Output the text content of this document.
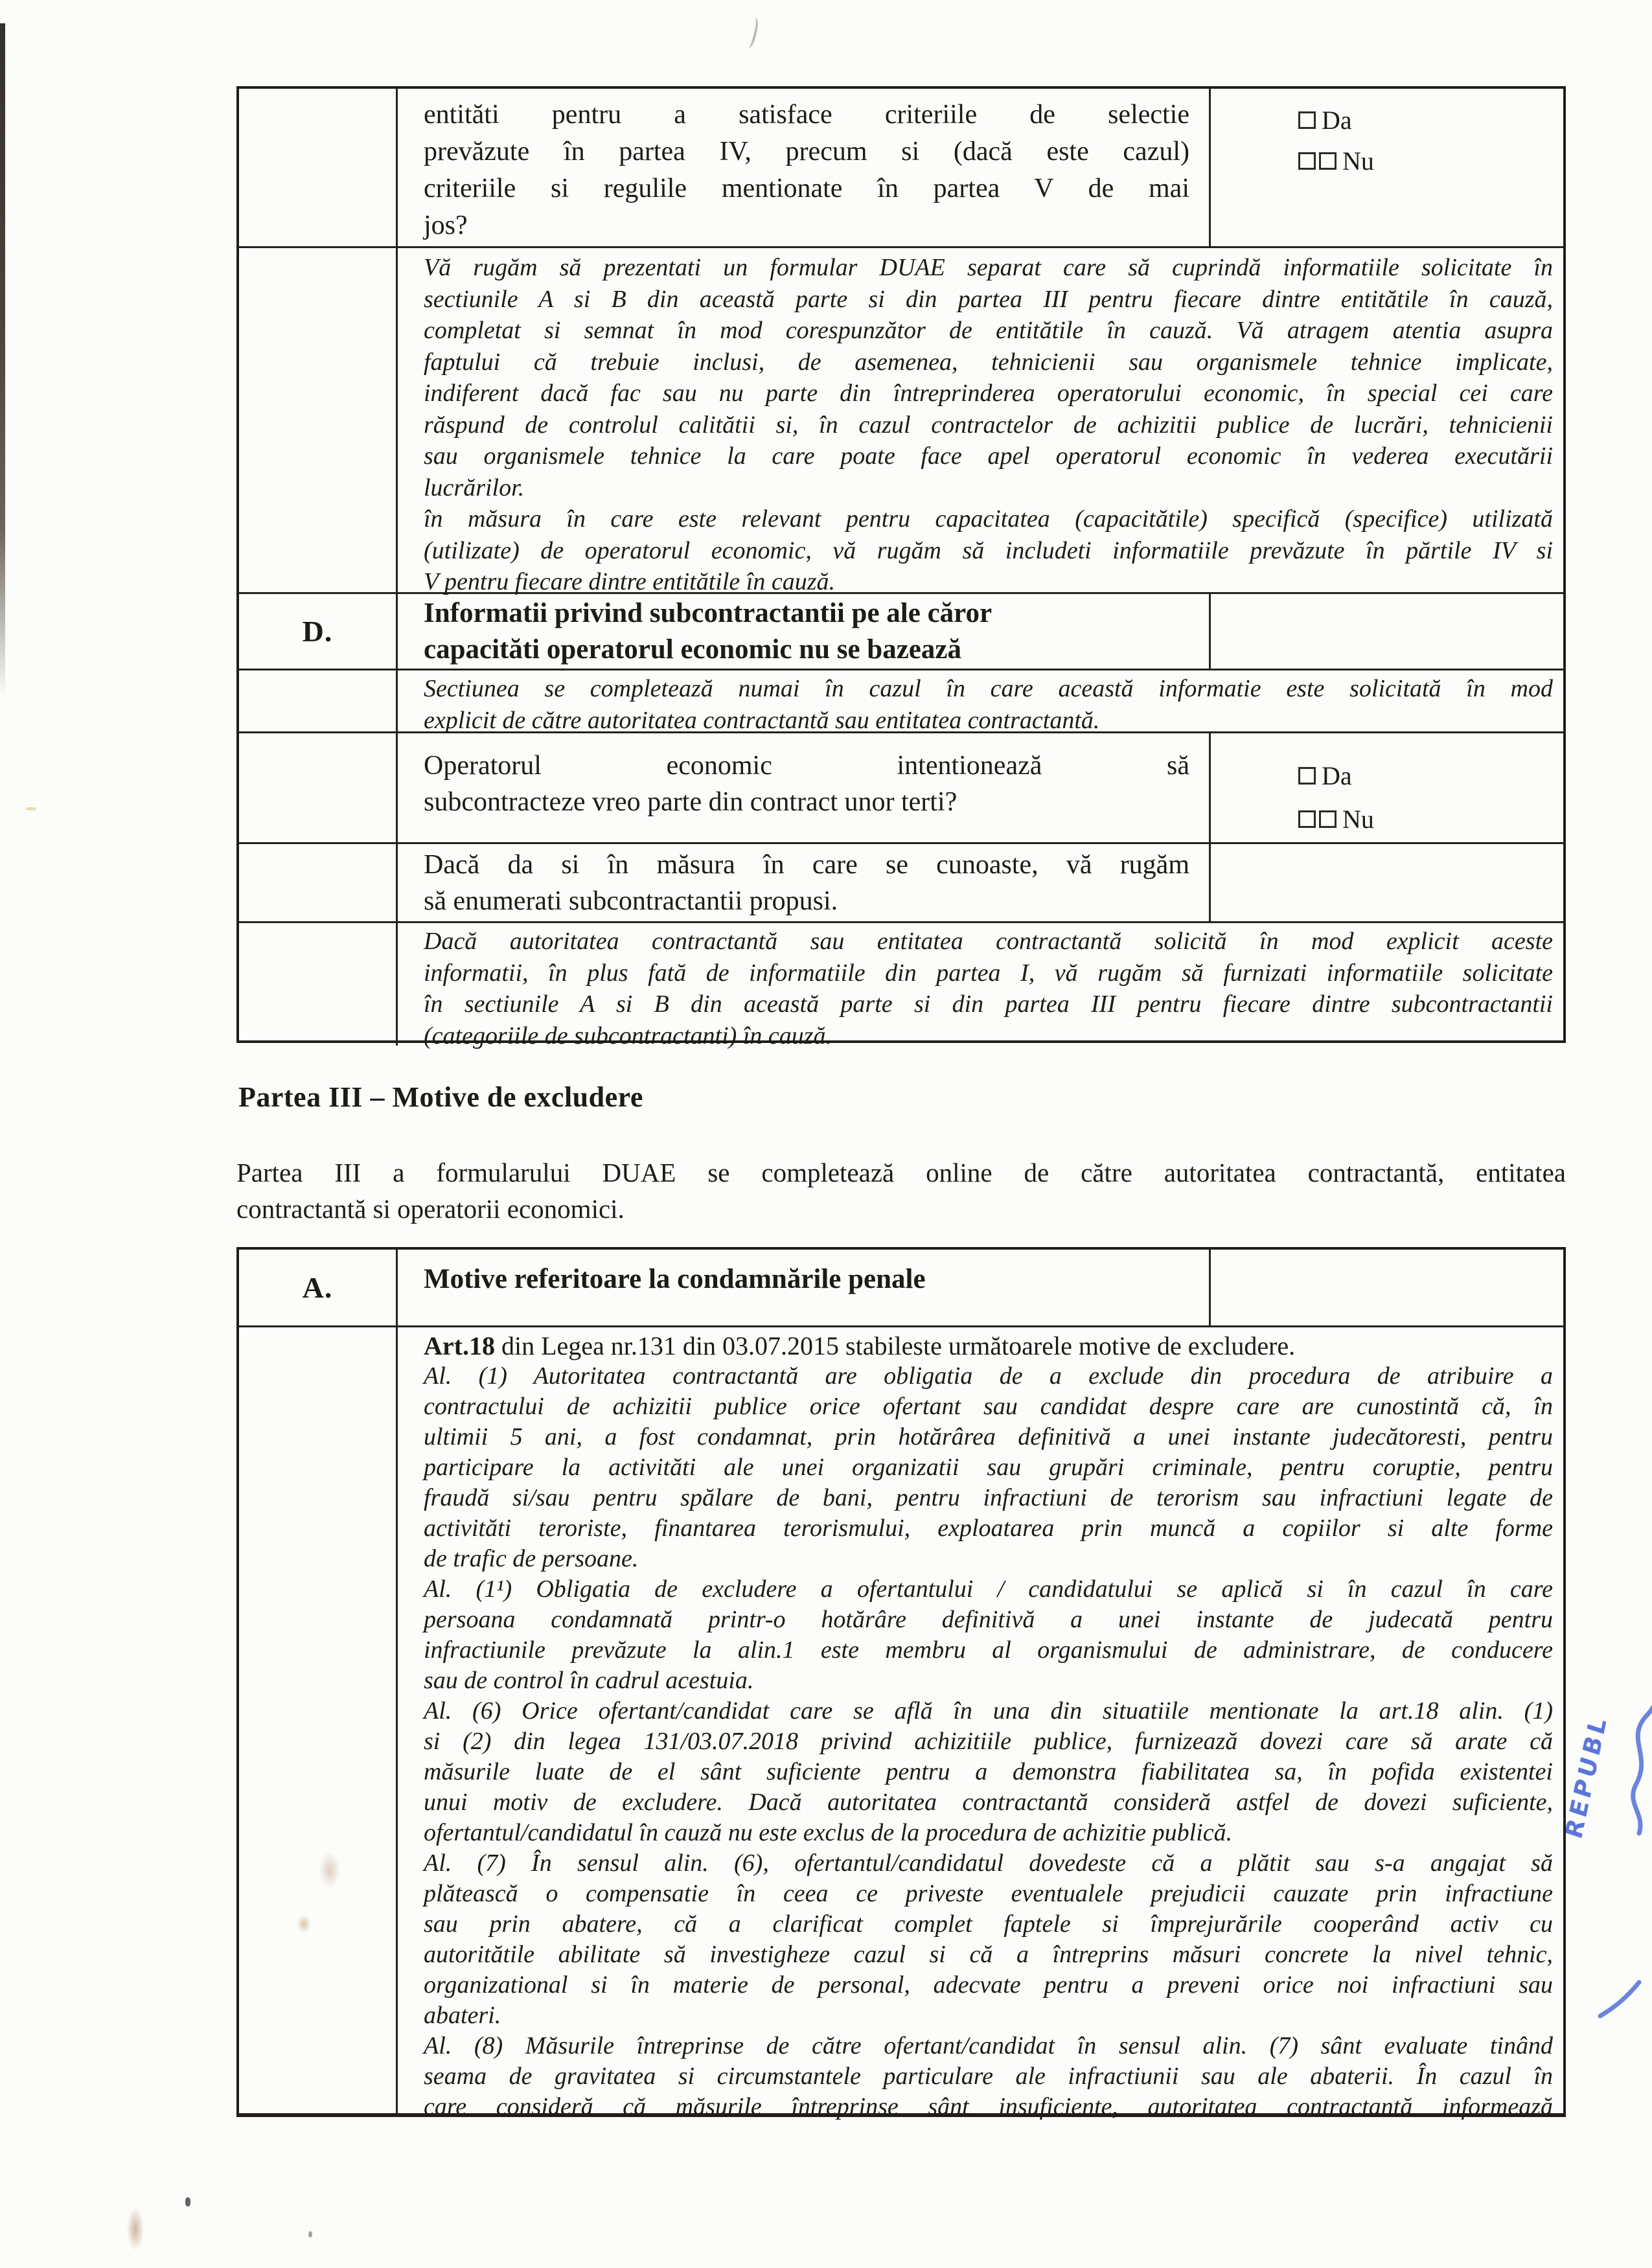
REPUBL
entităti pentru a satisface criteriile de selectie
prevăzute în partea IV, precum si (dacă este cazul)
criteriile si regulile mentionate în partea V de mai
jos?
Da
Nu
Vă rugăm să prezentati un formular DUAE separat care să cuprindă informatiile solicitate în
sectiunile A si B din această parte si din partea III pentru fiecare dintre entitătile în cauză,
completat si semnat în mod corespunzător de entitătile în cauză. Vă atragem atentia asupra
faptului că trebuie inclusi, de asemenea, tehnicienii sau organismele tehnice implicate,
indiferent dacă fac sau nu parte din întreprinderea operatorului economic, în special cei care
răspund de controlul calitătii si, în cazul contractelor de achizitii publice de lucrări, tehnicienii
sau organismele tehnice la care poate face apel operatorul economic în vederea executării
lucrărilor.
în măsura în care este relevant pentru capacitatea (capacitătile) specifică (specifice) utilizată
(utilizate) de operatorul economic, vă rugăm să includeti informatiile prevăzute în părtile IV si
V pentru fiecare dintre entitătile în cauză.
D.
Informatii privind subcontractantii pe ale căror
capacităti operatorul economic nu se bazează
Sectiunea se completează numai în cazul în care această informatie este solicitată în mod
explicit de către autoritatea contractantă sau entitatea contractantă.
Operatorul economic intentionează să
subcontracteze vreo parte din contract unor terti?
Da
Nu
Dacă da si în măsura în care se cunoaste, vă rugăm
să enumerati subcontractantii propusi.
Dacă autoritatea contractantă sau entitatea contractantă solicită în mod explicit aceste
informatii, în plus fată de informatiile din partea I, vă rugăm să furnizati informatiile solicitate
în sectiunile A si B din această parte si din partea III pentru fiecare dintre subcontractantii
(categoriile de subcontractanti) în cauză.
Partea III – Motive de excludere
Partea III a formularului DUAE se completează online de către autoritatea contractantă, entitatea
contractantă si operatorii economici.
A.	Motive referitoare la condamnările penale
Art.18 din Legea nr.131 din 03.07.2015 stabileste următoarele motive de excludere.
Al. (1) Autoritatea contractantă are obligatia de a exclude din procedura de atribuire a
contractului de achizitii publice orice ofertant sau candidat despre care are cunostintă că, în
ultimii 5 ani, a fost condamnat, prin hotărârea definitivă a unei instante judecătoresti, pentru
participare la activităti ale unei organizatii sau grupări criminale, pentru coruptie, pentru
fraudă si/sau pentru spălare de bani, pentru infractiuni de terorism sau infractiuni legate de
activităti teroriste, finantarea terorismului, exploatarea prin muncă a copiilor si alte forme
de trafic de persoane.
Al. (1¹) Obligatia de excludere a ofertantului / candidatului se aplică si în cazul în care
persoana condamnată printr-o hotărâre definitivă a unei instante de judecată pentru
infractiunile prevăzute la alin.1 este membru al organismului de administrare, de conducere
sau de control în cadrul acestuia.
Al. (6) Orice ofertant/candidat care se află în una din situatiile mentionate la art.18 alin. (1)
si (2) din legea 131/03.07.2018 privind achizitiile publice, furnizează dovezi care să arate că
măsurile luate de el sânt suficiente pentru a demonstra fiabilitatea sa, în pofida existentei
unui motiv de excludere. Dacă autoritatea contractantă consideră astfel de dovezi suficiente,
ofertantul/candidatul în cauză nu este exclus de la procedura de achizitie publică.
Al. (7) În sensul alin. (6), ofertantul/candidatul dovedeste că a plătit sau s-a angajat să
plătească o compensatie în ceea ce priveste eventualele prejudicii cauzate prin infractiune
sau prin abatere, că a clarificat complet faptele si împrejurările cooperând activ cu
autoritătile abilitate să investigheze cazul si că a întreprins măsuri concrete la nivel tehnic,
organizational si în materie de personal, adecvate pentru a preveni orice noi infractiuni sau
abateri.
Al. (8) Măsurile întreprinse de către ofertant/candidat în sensul alin. (7) sânt evaluate tinând
seama de gravitatea si circumstantele particulare ale infractiunii sau ale abaterii. În cazul în
care consideră că măsurile întreprinse sânt insuficiente, autoritatea contractantă informează
